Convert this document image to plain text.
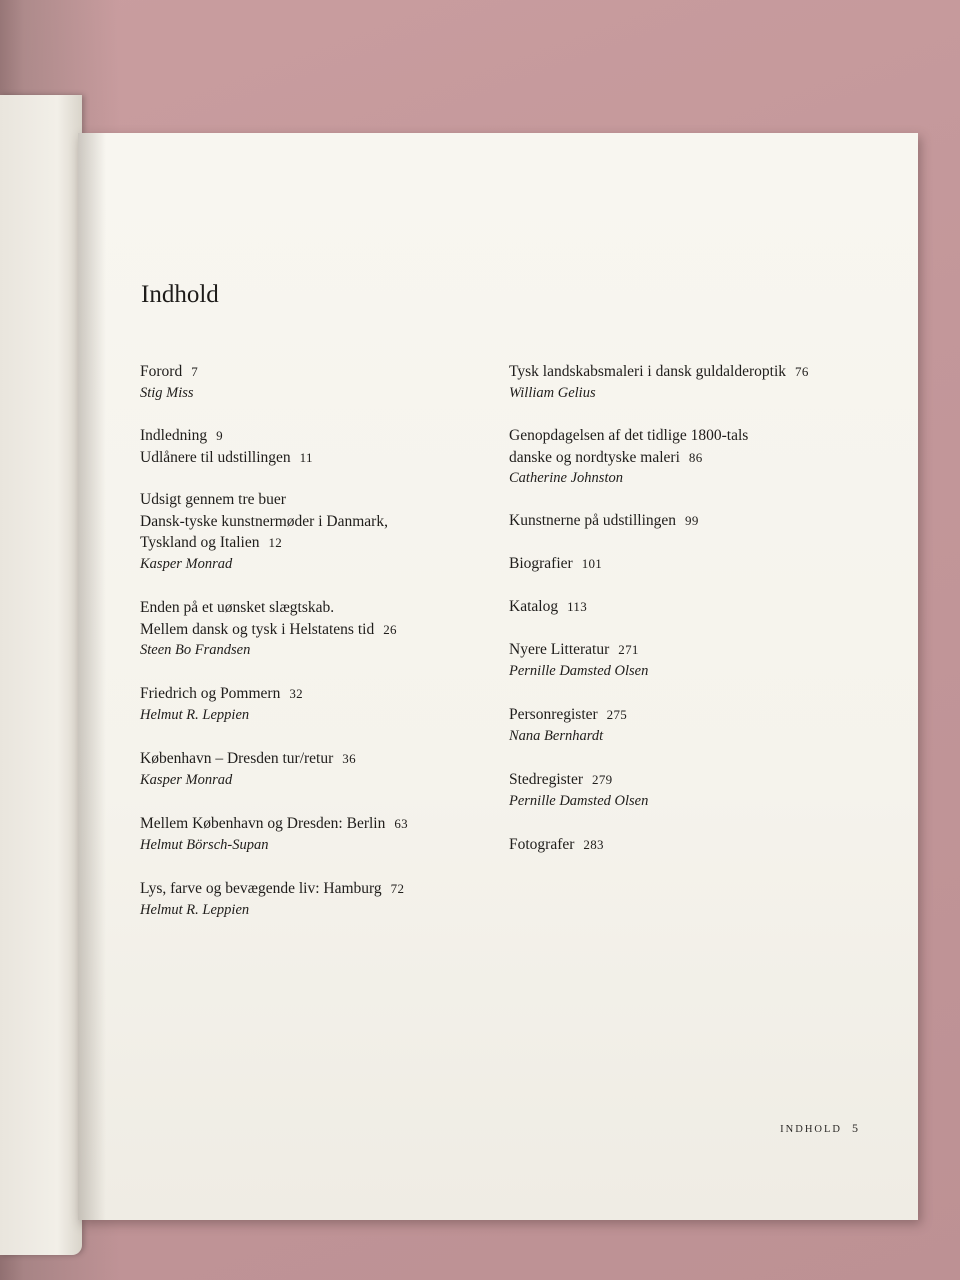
Indhold
Forord 7
Stig Miss
Indledning 9
Udlånere til udstillingen 11
Udsigt gennem tre buer
Dansk-tyske kunstnermøder i Danmark,
Tyskland og Italien 12
Kasper Monrad
Enden på et uønsket slægtskab.
Mellem dansk og tysk i Helstatens tid 26
Steen Bo Frandsen
Friedrich og Pommern 32
Helmut R. Leppien
København – Dresden tur/retur 36
Kasper Monrad
Mellem København og Dresden: Berlin 63
Helmut Börsch-Supan
Lys, farve og bevægende liv: Hamburg 72
Helmut R. Leppien
Tysk landskabsmaleri i dansk guldalderoptik 76
William Gelius
Genopdagelsen af det tidlige 1800-tals
danske og nordtyske maleri 86
Catherine Johnston
Kunstnerne på udstillingen 99
Biografier 101
Katalog 113
Nyere Litteratur 271
Pernille Damsted Olsen
Personregister 275
Nana Bernhardt
Stedregister 279
Pernille Damsted Olsen
Fotografer 283
INDHOLD 5
